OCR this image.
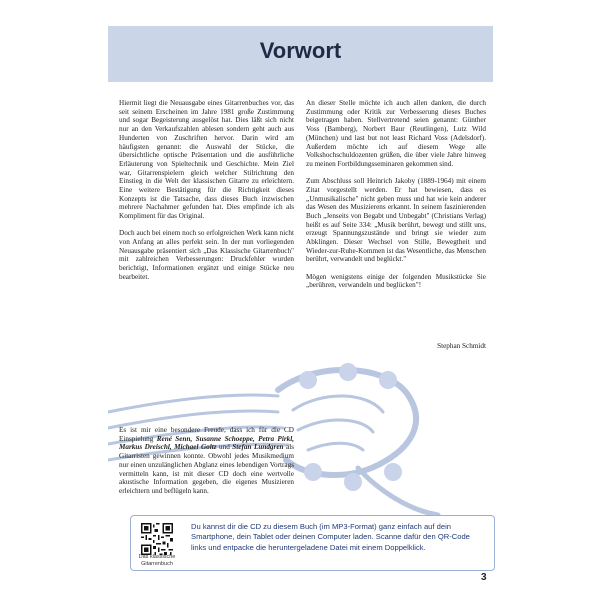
Vorwort

Hiermit liegt die Neuausgabe eines Gitarrenbuches vor, das seit seinem Erscheinen im Jahre 1981 große Zustimmung und sogar Begeisterung ausgelöst hat. Dies läßt sich nicht nur an den Verkaufszahlen ablesen sondern geht auch aus Hunderten von Zuschriften hervor. Darin wird am häufigsten genannt: die Auswahl der Stücke, die übersichtliche optische Präsentation und die ausführliche Erläuterung von Spieltechnik und Geschichte. Mein Ziel war, Gitarrenspielern gleich welcher Stilrichtung den Einstieg in die Welt der klassischen Gitarre zu erleichtern. Eine weitere Bestätigung für die Richtigkeit dieses Konzepts ist die Tatsache, dass dieses Buch inzwischen mehrere Nachahmer gefunden hat. Dies empfinde ich als Kompliment für das Original.

Doch auch bei einem noch so erfolgreichen Werk kann nicht von Anfang an alles perfekt sein. In der nun vorliegenden Neuausgabe präsentiert sich „Das Klassische Gitarrenbuch" mit zahlreichen Verbesserungen: Druckfehler wurden berichtigt, Informationen ergänzt und einige Stücke neu bearbeitet.

An dieser Stelle möchte ich auch allen danken, die durch Zustimmung oder Kritik zur Verbesserung dieses Buches beigetragen haben. Stellvertretend seien genannt: Günther Voss (Bamberg), Norbert Baur (Reutlingen), Lutz Wild (München) und last but not least Richard Voss (Adelsdorf). Außerdem möchte ich auf diesem Wege alle Volkshochschuldozenten grüßen, die über viele Jahre hinweg zu meinen Fortbildungsseminaren gekommen sind.

Zum Abschluss soll Heinrich Jakoby (1889-1964) mit einem Zitat vorgestellt werden. Er hat bewiesen, dass es „Unmusikalische" nicht geben muss und hat wie kein anderer das Wesen des Musizierens erkannt. In seinem faszinierenden Buch „Jenseits von Begabt und Unbegabt" (Christians Verlag) heißt es auf Seite 334: „Musik berührt, bewegt und stillt uns, erzeugt Spannungszustände und bringt sie wieder zum Abklingen. Dieser Wechsel von Stille, Bewegtheit und Wieder-zur-Ruhe-Kommen ist das Wesentliche, das Menschen berührt, verwandelt und beglückt."

Mögen wenigstens einige der folgenden Musikstücke Sie „berühren, verwandeln und beglücken"!

Stephan Schmidt
Es ist mir eine besondere Freude, dass ich für die CD Einspielung René Senn, Susanne Schoeppe, Petra Pirkl, Markus Dreischl, Michael Goltz und Stefan Lundgren als Gitarristen gewinnen konnte. Obwohl jedes Musikmedium nur einen unzulänglichen Abglanz eines lebendigen Vortrags vermitteln kann, ist mit dieser CD doch eine wertvolle akustische Information gegeben, die eigenes Musizieren erleichtern und beflügeln kann.
Das klassische Gitarrenbuch
Du kannst dir die CD zu diesem Buch (im MP3-Format) ganz einfach auf dein Smartphone, dein Tablet oder deinen Computer laden. Scanne dafür den QR-Code links und entpacke die heruntergeladene Datei mit einem Doppelklick.
3
